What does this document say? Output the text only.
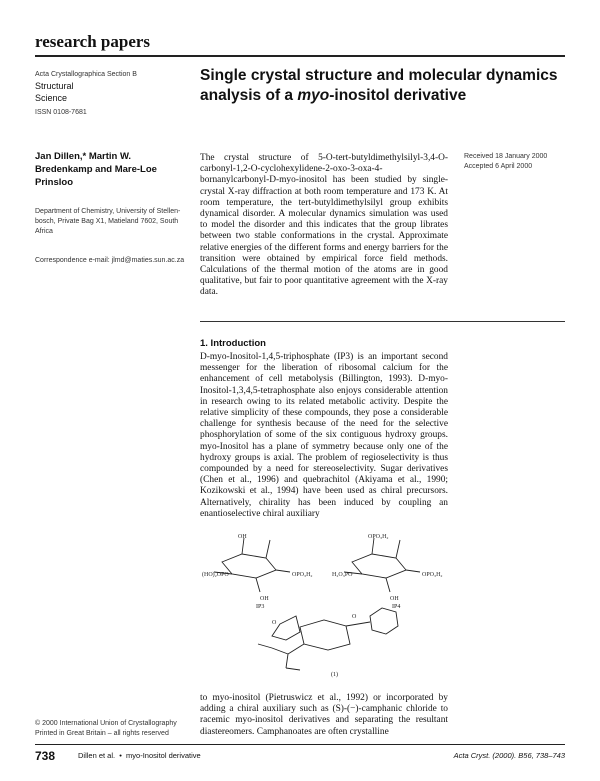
research papers
Acta Crystallographica Section B
Structural
Science
ISSN 0108-7681
Single crystal structure and molecular dynamics
analysis of a myo-inositol derivative
Jan Dillen,* Martin W.
Bredenkamp and Mare-Loe
Prinsloo
Department of Chemistry, University of Stellen-
bosch, Private Bag X1, Matieland 7602, South
Africa
Correspondence e-mail: jlmd@maties.sun.ac.za
Received 18 January 2000
Accepted 6 April 2000

The crystal structure of 5-O-tert-butyldimethylsilyl-3,4-O-carbonyl-1,2-O-cyclohexylidene-2-oxo-3-oxa-4-bornanylcarbonyl-D-myo-inositol has been studied by single-crystal X-ray diffraction at both room temperature and 173 K. At room temperature, the tert-butyldimethylsilyl group exhibits dynamical disorder. A molecular dynamics simulation was used to model the disorder and this indicates that the group librates between two stable conformations in the crystal. Approximate relative energies of the different forms and energy barriers for the transition were obtained by empirical force field methods. Calculations of the thermal motion of the atoms are in good qualitative, but fair to poor quantitative agreement with the X-ray data.

1. Introduction

D-myo-Inositol-1,4,5-triphosphate (IP3) is an important second messenger for the liberation of ribosomal calcium for the enhancement of cell metabolysis (Billington, 1993). D-myo-Inositol-1,3,4,5-tetraphosphate also enjoys considerable attention in research owing to its related metabolic activity. Despite the relative simplicity of these compounds, they pose a considerable challenge for synthesis because of the need for the selective phosphorylation of some of the six contiguous hydroxy groups. myo-Inositol has a plane of symmetry because only one of the hydroxy groups is axial. The problem of regioselectivity is thus compounded by a need for stereoselectivity. Sugar derivatives (Chen et al., 1996) and quebrachitol (Akiyama et al., 1990; Kozikowski et al., 1994) have been used as chiral precursors. Alternatively, chirality has been induced by coupling an enantioselective chiral auxiliary

(HO)₂OPO	OPO₃H₂	H₂O₃PO	OPO₃H₂
OH	OH
OH	OPO₃H₂
O
O
IP3	IP4
(1)

to myo-inositol (Pietruswicz et al., 1992) or incorporated by adding a chiral auxiliary such as (S)-(−)-camphanic chloride to racemic myo-inositol derivatives and separating the resultant diastereomers. Camphanoates are often crystalline

© 2000 International Union of Crystallography
Printed in Great Britain – all rights reserved
738	Dillen et al.  •  myo-Inositol derivative	Acta Cryst. (2000). B56, 738–743
